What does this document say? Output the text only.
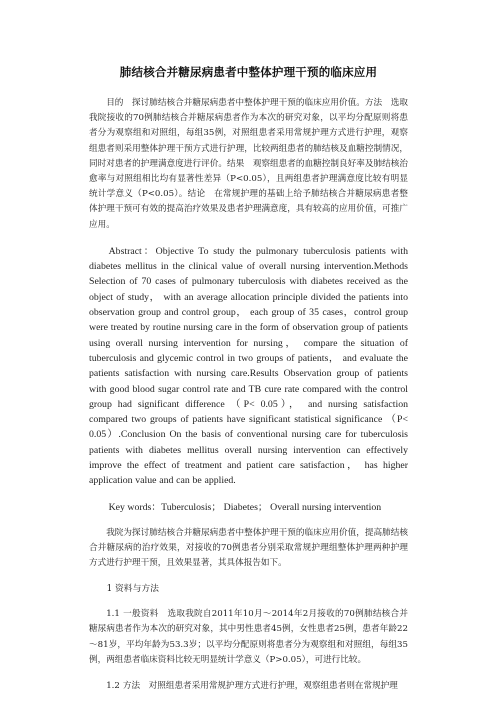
肺结核合并糖尿病患者中整体护理干预的临床应用

目的　探讨肺结核合并糖尿病患者中整体护理干预的临床应用价值。方法　选取我院接收的70例肺结核合并糖尿病患者作为本次的研究对象，以平均分配原则将患者分为观察组和对照组，每组35例，对照组患者采用常规护理方式进行护理，观察组患者则采用整体护理干预方式进行护理，比较两组患者的肺结核及血糖控制情况，同时对患者的护理满意度进行评价。结果　观察组患者的血糖控制良好率及肺结核治愈率与对照组相比均有显著性差异（P<0.05），且两组患者护理满意度比较有明显统计学意义（P<0.05）。结论　在常规护理的基础上给予肺结核合并糖尿病患者整体护理干预可有效的提高治疗效果及患者护理满意度，具有较高的应用价值，可推广应用。

Abstract：Objective To study the pulmonary tuberculosis patients with diabetes mellitus in the clinical value of overall nursing intervention.Methods Selection of 70 cases of pulmonary tuberculosis with diabetes received as the object of study， with an average allocation principle divided the patients into observation group and control group， each group of 35 cases，control group were treated by routine nursing care in the form of observation group of patients using overall nursing intervention for nursing， compare the situation of tuberculosis and glycemic control in two groups of patients， and evaluate the patients satisfaction with nursing care.Results Observation group of patients with good blood sugar control rate and TB cure rate compared with the control group had significant difference （P< 0.05）， and nursing satisfaction compared two groups of patients have significant statistical significance （P< 0.05）.Conclusion On the basis of conventional nursing care for tuberculosis patients with diabetes mellitus overall nursing intervention can effectively improve the effect of treatment and patient care satisfaction， has higher application value and can be applied.

Key words：Tuberculosis； Diabetes； Overall nursing intervention

我院为探讨肺结核合并糖尿病患者中整体护理干预的临床应用价值，提高肺结核合并糖尿病的治疗效果，对接收的70例患者分别采取常规护理组整体护理两种护理方式进行护理干预，且效果显著，其具体报告如下。

1 资料与方法

1.1 一般资料　选取我院自2011年10月～2014年2月接收的70例肺结核合并糖尿病患者作为本次的研究对象，其中男性患者45例，女性患者25例，患者年龄22～81岁，平均年龄为53.3岁；以平均分配原则将患者分为观察组和对照组，每组35例，两组患者临床资料比较无明显统计学意义（P>0.05），可进行比较。

1.2 方法　对照组患者采用常规护理方式进行护理，观察组患者则在常规护理
